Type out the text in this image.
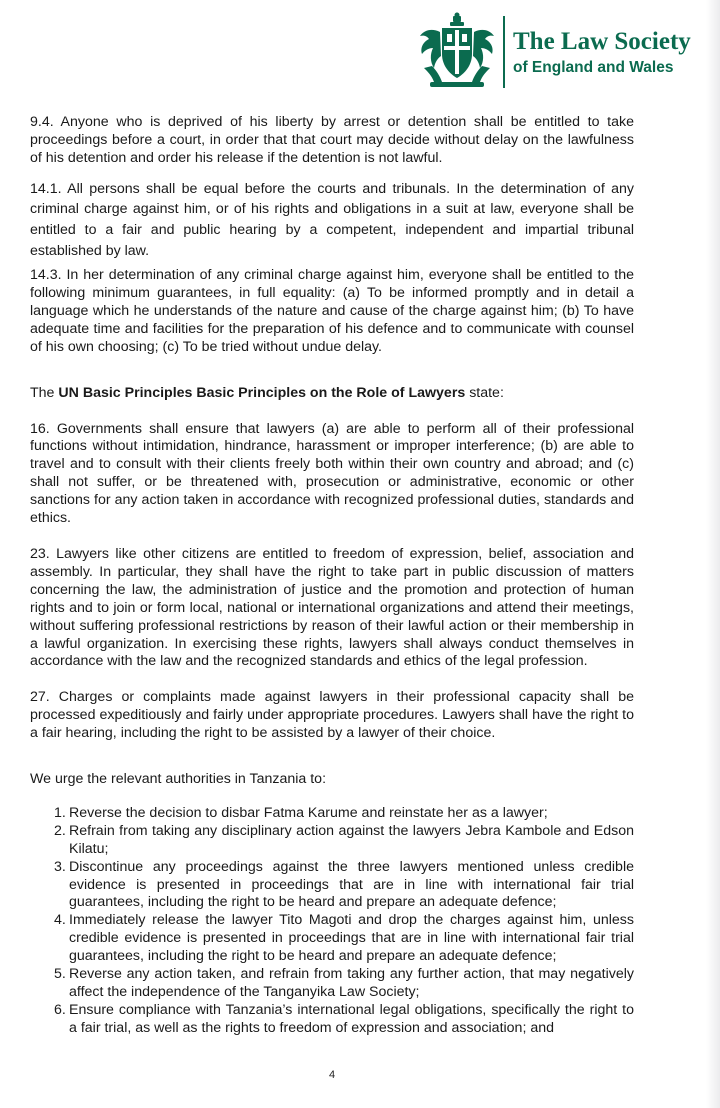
The Law Society
of England and Wales

9.4. Anyone who is deprived of his liberty by arrest or detention shall be entitled to take proceedings before a court, in order that that court may decide without delay on the lawfulness of his detention and order his release if the detention is not lawful.

14.1. All persons shall be equal before the courts and tribunals. In the determination of any criminal charge against him, or of his rights and obligations in a suit at law, everyone shall be entitled to a fair and public hearing by a competent, independent and impartial tribunal established by law.

14.3. In her determination of any criminal charge against him, everyone shall be entitled to the following minimum guarantees, in full equality: (a) To be informed promptly and in detail a language which he understands of the nature and cause of the charge against him; (b) To have adequate time and facilities for the preparation of his defence and to communicate with counsel of his own choosing; (c) To be tried without undue delay.

The UN Basic Principles Basic Principles on the Role of Lawyers state:

16. Governments shall ensure that lawyers (a) are able to perform all of their professional functions without intimidation, hindrance, harassment or improper interference; (b) are able to travel and to consult with their clients freely both within their own country and abroad; and (c) shall not suffer, or be threatened with, prosecution or administrative, economic or other sanctions for any action taken in accordance with recognized professional duties, standards and ethics.

23. Lawyers like other citizens are entitled to freedom of expression, belief, association and assembly. In particular, they shall have the right to take part in public discussion of matters concerning the law, the administration of justice and the promotion and protection of human rights and to join or form local, national or international organizations and attend their meetings, without suffering professional restrictions by reason of their lawful action or their membership in a lawful organization. In exercising these rights, lawyers shall always conduct themselves in accordance with the law and the recognized standards and ethics of the legal profession.

27. Charges or complaints made against lawyers in their professional capacity shall be processed expeditiously and fairly under appropriate procedures. Lawyers shall have the right to a fair hearing, including the right to be assisted by a lawyer of their choice.

We urge the relevant authorities in Tanzania to:

1. Reverse the decision to disbar Fatma Karume and reinstate her as a lawyer;
2. Refrain from taking any disciplinary action against the lawyers Jebra Kambole and Edson Kilatu;
3. Discontinue any proceedings against the three lawyers mentioned unless credible evidence is presented in proceedings that are in line with international fair trial guarantees, including the right to be heard and prepare an adequate defence;
4. Immediately release the lawyer Tito Magoti and drop the charges against him, unless credible evidence is presented in proceedings that are in line with international fair trial guarantees, including the right to be heard and prepare an adequate defence;
5. Reverse any action taken, and refrain from taking any further action, that may negatively affect the independence of the Tanganyika Law Society;
6. Ensure compliance with Tanzania’s international legal obligations, specifically the right to a fair trial, as well as the rights to freedom of expression and association; and
4
